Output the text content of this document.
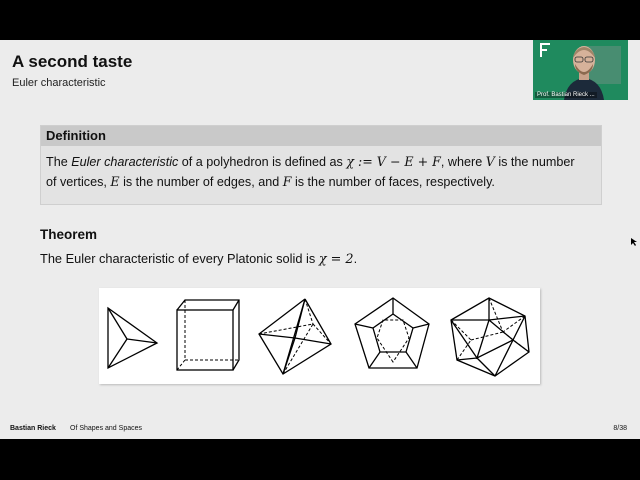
A second taste
Euler characteristic
Prof. Bastian Rieck ...
Definition
The Euler characteristic of a polyhedron is defined as χ := V − E + F, where V is the number
of vertices, E is the number of edges, and F is the number of faces, respectively.
Theorem
The Euler characteristic of every Platonic solid is χ = 2.
Bastian Rieck Of Shapes and Spaces	8/38
